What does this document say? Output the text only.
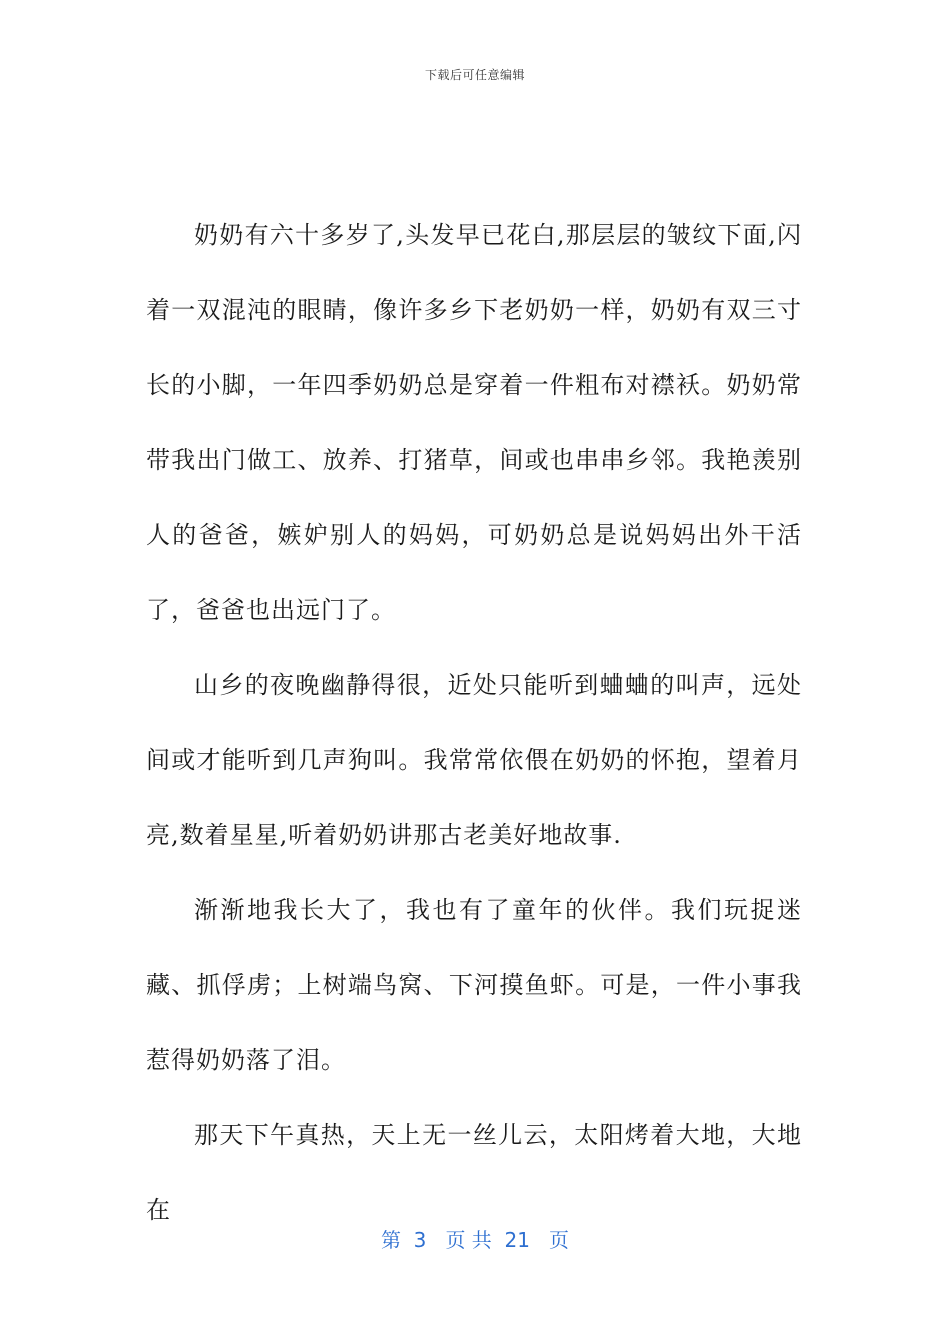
下载后可任意编辑

奶奶有六十多岁了,头发早已花白,那层层的皱纹下面,闪着一双混沌的眼睛，像许多乡下老奶奶一样，奶奶有双三寸长的小脚，一年四季奶奶总是穿着一件粗布对襟袄。奶奶常带我出门做工、放养、打猪草，间或也串串乡邻。我艳羡别人的爸爸，嫉妒别人的妈妈，可奶奶总是说妈妈出外干活了，爸爸也出远门了。

山乡的夜晚幽静得很，近处只能听到蛐蛐的叫声，远处间或才能听到几声狗叫。我常常依偎在奶奶的怀抱，望着月亮,数着星星,听着奶奶讲那古老美好地故事.

渐渐地我长大了，我也有了童年的伙伴。我们玩捉迷藏、抓俘虏；上树端鸟窝、下河摸鱼虾。可是，一件小事我惹得奶奶落了泪。

那天下午真热，天上无一丝儿云，太阳烤着大地，大地在

第  3   页 共  21   页
